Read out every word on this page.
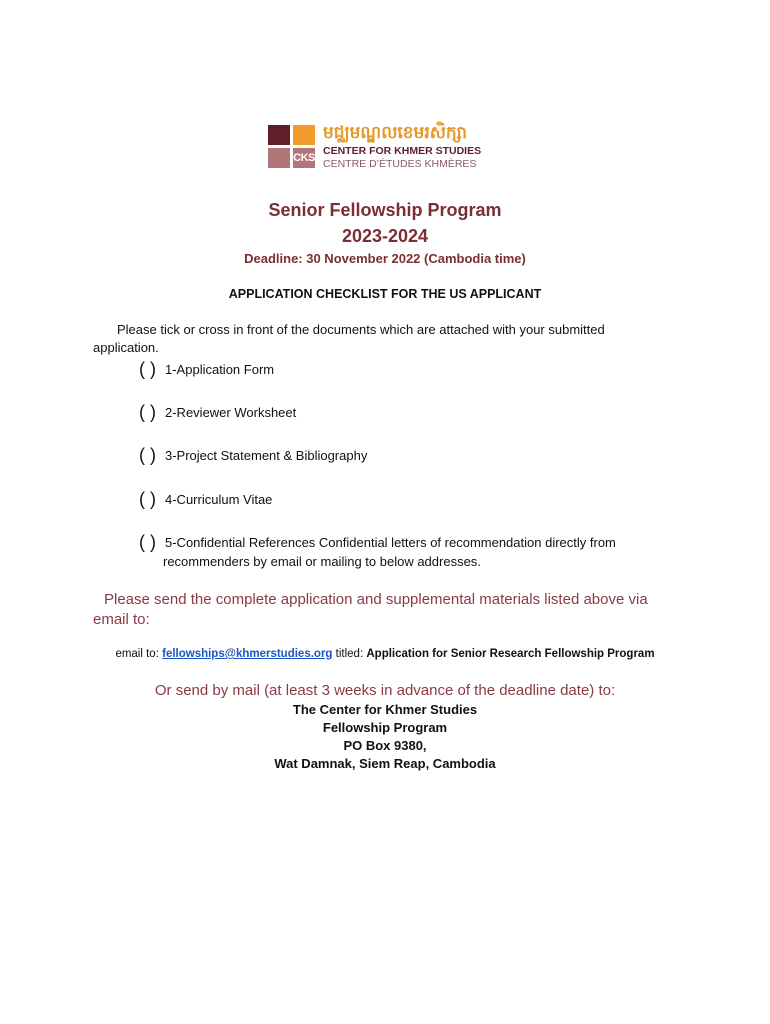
CKS
មជ្ឈមណ្ឌលខេមរសិក្សា
CENTER FOR KHMER STUDIES
CENTRE D’ÉTUDES KHMÈRES
Senior Fellowship Program
2023-2024
Deadline: 30 November 2022 (Cambodia time)
APPLICATION CHECKLIST FOR THE US APPLICANT
Please tick or cross in front of the documents which are attached with your submitted application.
( ) 1-Application Form
( ) 2-Reviewer Worksheet
( ) 3-Project Statement & Bibliography
( ) 4-Curriculum Vitae
( ) 5-Confidential References Confidential letters of recommendation directly from
recommenders by email or mailing to below addresses.
Please send the complete application and supplemental materials listed above via email to:
email to: fellowships@khmerstudies.org titled: Application for Senior Research Fellowship Program
Or send by mail (at least 3 weeks in advance of the deadline date) to:
The Center for Khmer Studies
Fellowship Program
PO Box 9380,
Wat Damnak, Siem Reap, Cambodia
